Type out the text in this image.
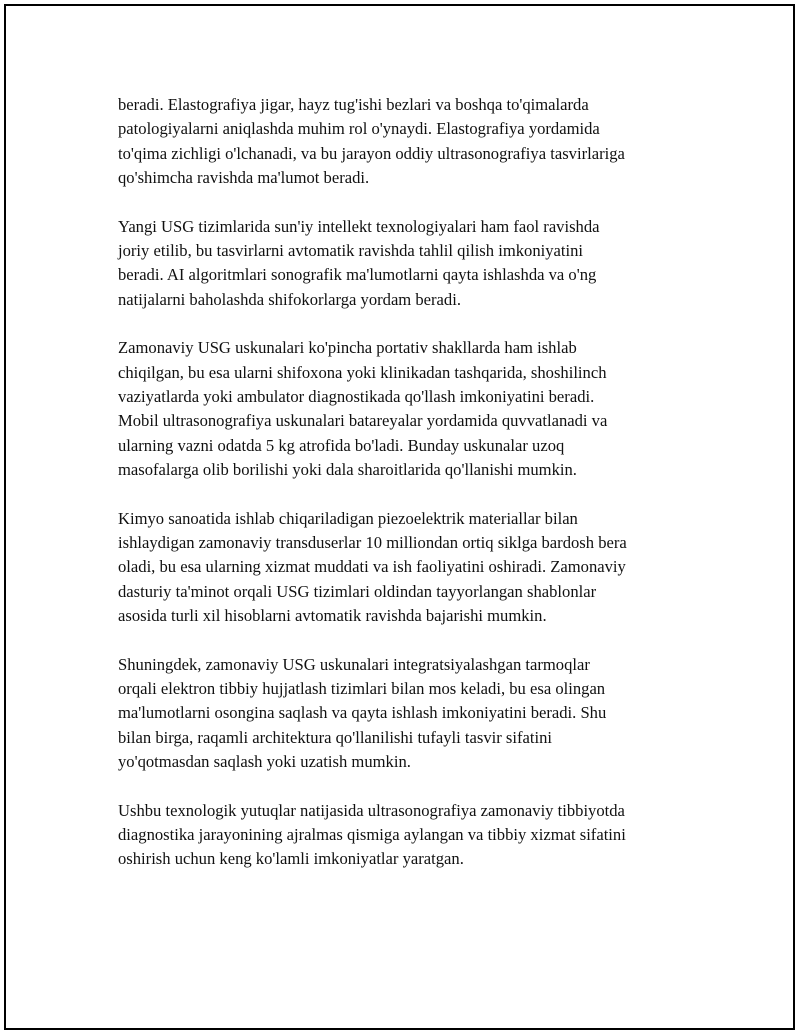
beradi. Elastografiya jigar, hayz tug'ishi bezlari va boshqa to'qimalarda
patologiyalarni aniqlashda muhim rol o'ynaydi. Elastografiya yordamida
to'qima zichligi o'lchanadi, va bu jarayon oddiy ultrasonografiya tasvirlariga
qo'shimcha ravishda ma'lumot beradi.

Yangi USG tizimlarida sun'iy intellekt texnologiyalari ham faol ravishda
joriy etilib, bu tasvirlarni avtomatik ravishda tahlil qilish imkoniyatini
beradi. AI algoritmlari sonografik ma'lumotlarni qayta ishlashda va o'ng
natijalarni baholashda shifokorlarga yordam beradi.

Zamonaviy USG uskunalari ko'pincha portativ shakllarda ham ishlab
chiqilgan, bu esa ularni shifoxona yoki klinikadan tashqarida, shoshilinch
vaziyatlarda yoki ambulator diagnostikada qo'llash imkoniyatini beradi.
Mobil ultrasonografiya uskunalari batareyalar yordamida quvvatlanadi va
ularning vazni odatda 5 kg atrofida bo'ladi. Bunday uskunalar uzoq
masofalarga olib borilishi yoki dala sharoitlarida qo'llanishi mumkin.

Kimyo sanoatida ishlab chiqariladigan piezoelektrik materiallar bilan
ishlaydigan zamonaviy transduserlar 10 milliondan ortiq siklga bardosh bera
oladi, bu esa ularning xizmat muddati va ish faoliyatini oshiradi. Zamonaviy
dasturiy ta'minot orqali USG tizimlari oldindan tayyorlangan shablonlar
asosida turli xil hisoblarni avtomatik ravishda bajarishi mumkin.

Shuningdek, zamonaviy USG uskunalari integratsiyalashgan tarmoqlar
orqali elektron tibbiy hujjatlash tizimlari bilan mos keladi, bu esa olingan
ma'lumotlarni osongina saqlash va qayta ishlash imkoniyatini beradi. Shu
bilan birga, raqamli architektura qo'llanilishi tufayli tasvir sifatini
yo'qotmasdan saqlash yoki uzatish mumkin.

Ushbu texnologik yutuqlar natijasida ultrasonografiya zamonaviy tibbiyotda
diagnostika jarayonining ajralmas qismiga aylangan va tibbiy xizmat sifatini
oshirish uchun keng ko'lamli imkoniyatlar yaratgan.
